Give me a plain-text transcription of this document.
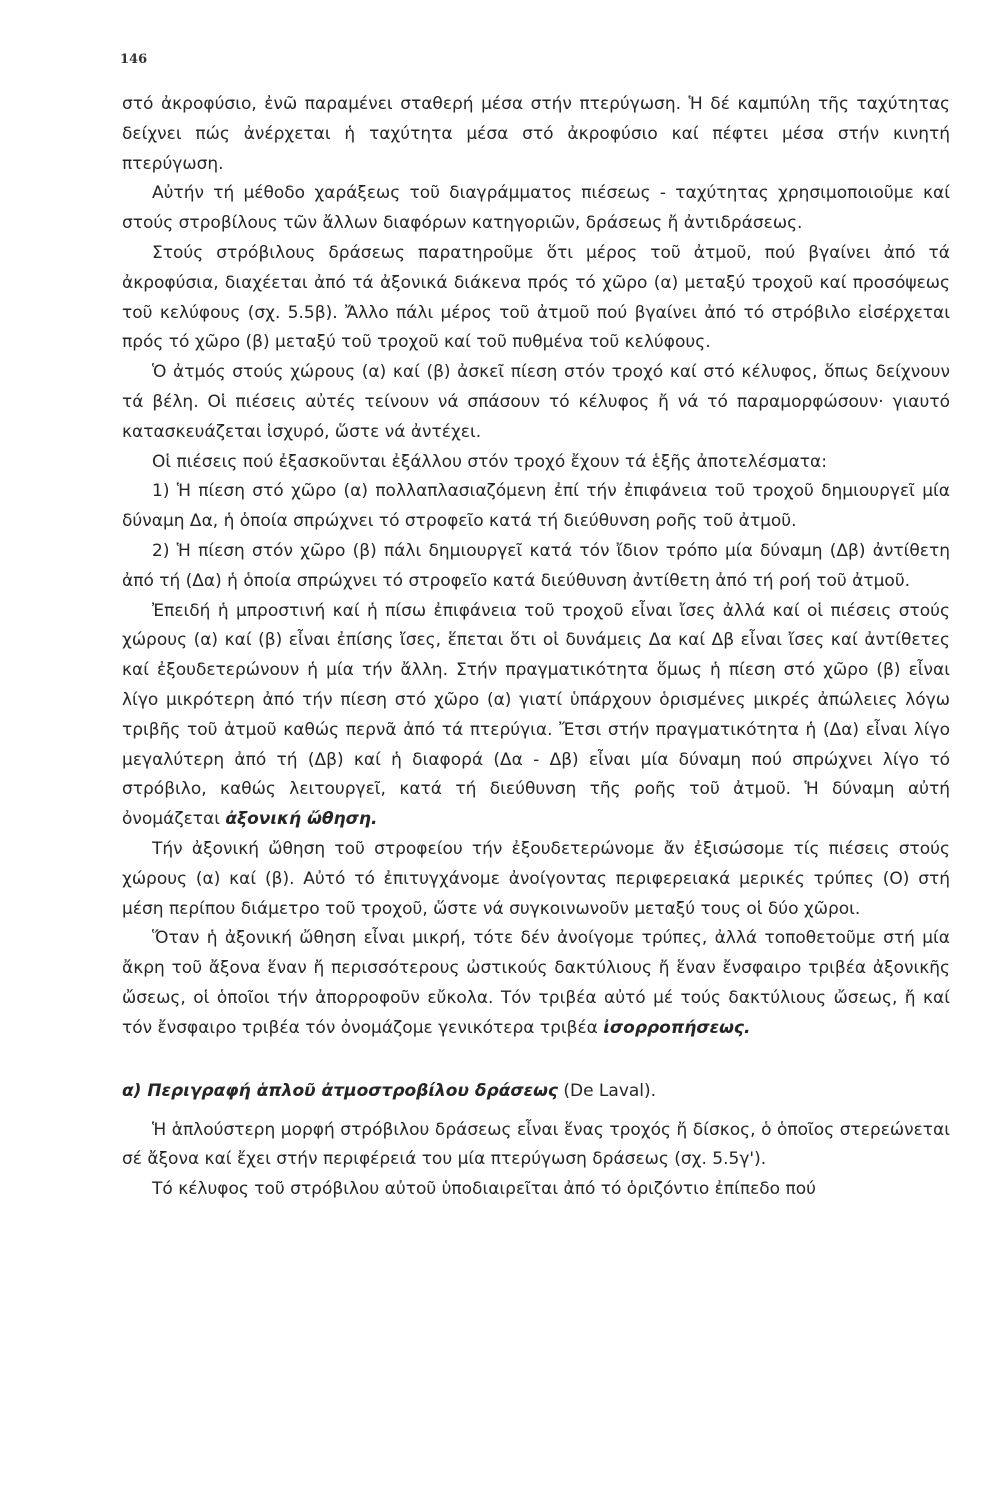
146

στό ἀκροφύσιο, ἐνῶ παραμένει σταθερή μέσα στήν πτερύγωση. Ἡ δέ καμπύλη τῆς ταχύτητας δείχνει πώς ἀνέρχεται ἡ ταχύτητα μέσα στό ἀκροφύσιο καί πέφτει μέσα στήν κινητή πτερύγωση.

Αὐτήν τή μέθοδο χαράξεως τοῦ διαγράμματος πιέσεως - ταχύτητας χρησιμοποιοῦμε καί στούς στροβίλους τῶν ἄλλων διαφόρων κατηγοριῶν, δράσεως ἤ ἀντιδράσεως.

Στούς στρόβιλους δράσεως παρατηροῦμε ὅτι μέρος τοῦ ἀτμοῦ, πού βγαίνει ἀπό τά ἀκροφύσια, διαχέεται ἀπό τά ἀξονικά διάκενα πρός τό χῶρο (α) μεταξύ τροχοῦ καί προσόψεως τοῦ κελύφους (σχ. 5.5β). Ἄλλο πάλι μέρος τοῦ ἀτμοῦ πού βγαίνει ἀπό τό στρόβιλο εἰσέρχεται πρός τό χῶρο (β) μεταξύ τοῦ τροχοῦ καί τοῦ πυθμένα τοῦ κελύφους.

Ὁ ἀτμός στούς χώρους (α) καί (β) ἀσκεῖ πίεση στόν τροχό καί στό κέλυφος, ὅπως δείχνουν τά βέλη. Οἱ πιέσεις αὐτές τείνουν νά σπάσουν τό κέλυφος ἤ νά τό παραμορφώσουν· γιαυτό κατασκευάζεται ἰσχυρό, ὥστε νά ἀντέχει.

Οἱ πιέσεις πού ἐξασκοῦνται ἐξάλλου στόν τροχό ἔχουν τά ἑξῆς ἀποτελέσματα:

1) Ἡ πίεση στό χῶρο (α) πολλαπλασιαζόμενη ἐπί τήν ἐπιφάνεια τοῦ τροχοῦ δημιουργεῖ μία δύναμη Δα, ἡ ὁποία σπρώχνει τό στροφεῖο κατά τή διεύθυνση ροῆς τοῦ ἀτμοῦ.

2) Ἡ πίεση στόν χῶρο (β) πάλι δημιουργεῖ κατά τόν ἴδιον τρόπο μία δύναμη (Δβ) ἀντίθετη ἀπό τή (Δα) ἡ ὁποία σπρώχνει τό στροφεῖο κατά διεύθυνση ἀντίθετη ἀπό τή ροή τοῦ ἀτμοῦ.

Ἐπειδή ἡ μπροστινή καί ἡ πίσω ἐπιφάνεια τοῦ τροχοῦ εἶναι ἴσες ἀλλά καί οἱ πιέσεις στούς χώρους (α) καί (β) εἶναι ἐπίσης ἴσες, ἕπεται ὅτι οἱ δυνάμεις Δα καί Δβ εἶναι ἴσες καί ἀντίθετες καί ἐξουδετερώνουν ἡ μία τήν ἄλλη. Στήν πραγματικότητα ὅμως ἡ πίεση στό χῶρο (β) εἶναι λίγο μικρότερη ἀπό τήν πίεση στό χῶρο (α) γιατί ὑπάρχουν ὁρισμένες μικρές ἀπώλειες λόγω τριβῆς τοῦ ἀτμοῦ καθώς περνᾶ ἀπό τά πτερύγια. Ἔτσι στήν πραγματικότητα ἡ (Δα) εἶναι λίγο μεγαλύτερη ἀπό τή (Δβ) καί ἡ διαφορά (Δα - Δβ) εἶναι μία δύναμη πού σπρώχνει λίγο τό στρόβιλο, καθώς λειτουργεῖ, κατά τή διεύθυνση τῆς ροῆς τοῦ ἀτμοῦ. Ἡ δύναμη αὐτή ὀνομάζεται ἀξονική ὤθηση.

Τήν ἀξονική ὤθηση τοῦ στροφείου τήν ἐξουδετερώνομε ἄν ἐξισώσομε τίς πιέσεις στούς χώρους (α) καί (β). Αὐτό τό ἐπιτυγχάνομε ἀνοίγοντας περιφερειακά μερικές τρύπες (Ο) στή μέση περίπου διάμετρο τοῦ τροχοῦ, ὥστε νά συγκοινωνοῦν μεταξύ τους οἱ δύο χῶροι.

Ὅταν ἡ ἀξονική ὤθηση εἶναι μικρή, τότε δέν ἀνοίγομε τρύπες, ἀλλά τοποθετοῦμε στή μία ἄκρη τοῦ ἄξονα ἕναν ἤ περισσότερους ὠστικούς δακτύλιους ἤ ἕναν ἔνσφαιρο τριβέα ἀξονικῆς ὤσεως, οἱ ὁποῖοι τήν ἀπορροφοῦν εὔκολα. Τόν τριβέα αὐτό μέ τούς δακτύλιους ὤσεως, ἤ καί τόν ἔνσφαιρο τριβέα τόν ὀνομάζομε γενικότερα τριβέα ἰσορροπήσεως.

α) Περιγραφή ἁπλοῦ ἀτμοστροβίλου δράσεως (De Laval).

Ἡ ἁπλούστερη μορφή στρόβιλου δράσεως εἶναι ἕνας τροχός ἤ δίσκος, ὁ ὁποῖος στερεώνεται σέ ἄξονα καί ἔχει στήν περιφέρειά του μία πτερύγωση δράσεως (σχ. 5.5γ').

Τό κέλυφος τοῦ στρόβιλου αὐτοῦ ὑποδιαιρεῖται ἀπό τό ὁριζόντιο ἐπίπεδο πού
